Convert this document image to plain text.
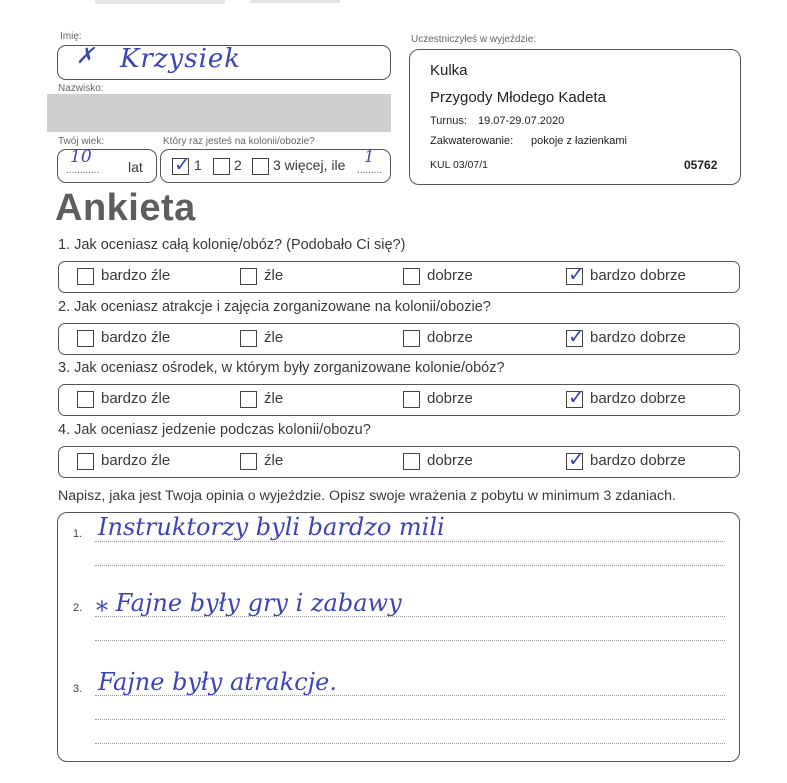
Imię:
✗ Krzysiek
Nazwisko:
Twój wiek:
............
10	lat
Który raz jesteś na kolonii/obozie?
✓ 1 2 3 więcej, ile .........
1
Uczestniczyłeś w wyjeździe:
Kulka
Przygody Młodego Kadeta
Turnus: 19.07-29.07.2020
Zakwaterowanie: pokoje z łazienkami
KUL 03/07/1	05762
Ankieta
1. Jak oceniasz całą kolonię/obóz? (Podobało Ci się?)
bardzo źle	źle	dobrze	✓ bardzo dobrze
2. Jak oceniasz atrakcje i zajęcia zorganizowane na kolonii/obozie?
bardzo źle	źle	dobrze	✓ bardzo dobrze
3. Jak oceniasz ośrodek, w którym były zorganizowane kolonie/obóz?
bardzo źle	źle	dobrze	✓ bardzo dobrze
4. Jak oceniasz jedzenie podczas kolonii/obozu?
bardzo źle	źle	dobrze	✓ bardzo dobrze
Napisz, jaka jest Twoja opinia o wyjeździe. Opisz swoje wrażenia z pobytu w minimum 3 zdaniach.
1. Instruktorzy byli bardzo mili
2. ⁎ Fajne były gry i zabawy
3. Fajne były atrakcje.
